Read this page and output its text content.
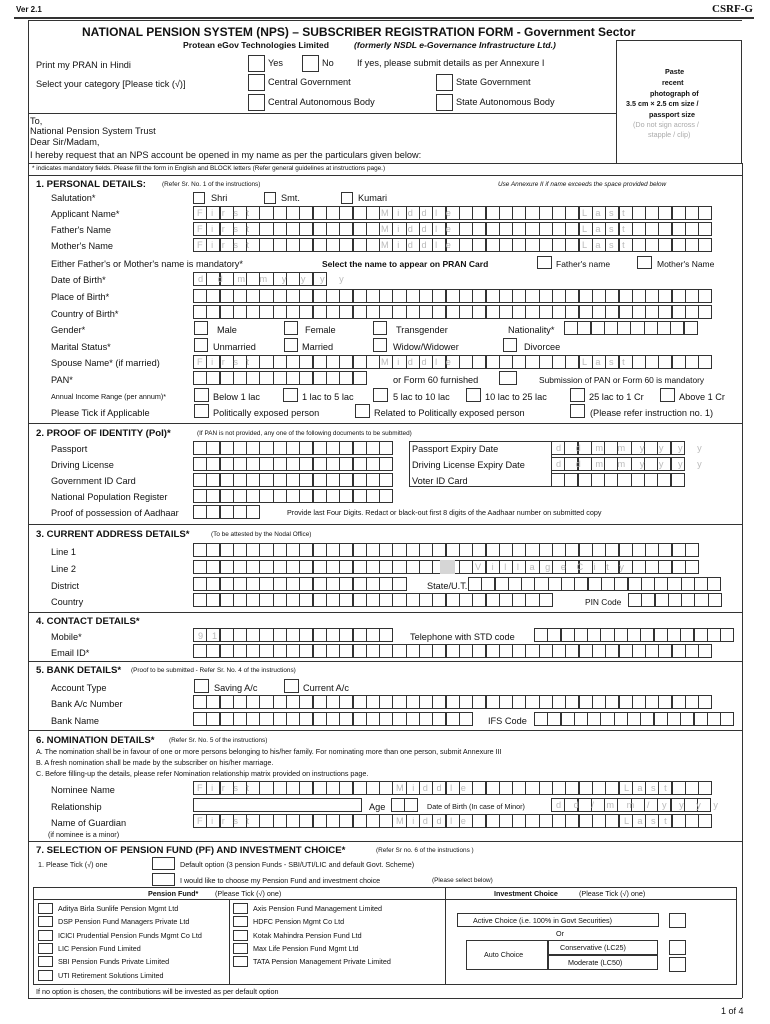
Ver 2.1	CSRF-G
NATIONAL PENSION SYSTEM (NPS) – SUBSCRIBER REGISTRATION FORM - Government Sector
Protean eGov Technologies Limited	(formerly NSDL e-Governance Infrastructure Ltd.)
Paste
recent
photograph of
3.5 cm × 2.5 cm size /
passport size
(Do not sign across /
stapple / clip)
Print my PRAN in Hindi	Yes	No	If yes, please submit details as per Annexure I
Select your category [Please tick (√)]	Central Government	State Government
Central Autonomous Body	State Autonomous Body
To,
National Pension System Trust
Dear Sir/Madam,
I hereby request that an NPS account be opened in my name as per the particulars given below:
* indicates mandatory fields. Please fill the form in English and BLOCK letters (Refer general guidelines at instructions page.)
1. PERSONAL DETAILS:	(Refer Sr. No. 1 of the instructions)	Use Annexure II if name exceeds the space provided below
Salutation*	Shri	Smt.	Kumari
Applicant Name*	F i r s t	M i d d l e	L a s t
Father's Name	F i r s t	M i d d l e	L a s t
Mother's Name	F i r s t	M i d d l e	L a s t
Either Father's or Mother's name is mandatory*	Select the name to appear on PRAN Card	Father's name	Mother's Name
Date of Birth*	d d m m y y y y
Place of Birth*
Country of Birth*
Gender*	Male	Female	Transgender	Nationality*
Marital Status*	Unmarried	Married	Widow/Widower	Divorcee
Spouse Name* (if married)	F i r s t	M i d d l e	L a s t
PAN*	or Form 60 furnished	Submission of PAN or Form 60 is mandatory
Annual Income Range (per annum)*	Below 1 lac	1 lac to 5 lac	5 lac to 10 lac	10 lac to 25 lac	25 lac to 1 Cr	Above 1 Cr
Please Tick if Applicable	Politically exposed person	Related to Politically exposed person	(Please refer instruction no. 1)
2. PROOF OF IDENTITY (PoI)*	(If PAN is not provided, any one of the following documents to be submitted)
Passport	Passport Expiry Date	d d m m y y y y
Driving License	Driving License Expiry Date	d d m m y y y y
Government ID Card	Voter ID Card
National Population Register
Proof of possession of Aadhaar	Provide last Four Digits. Redact or black-out first 8 digits of the Aadhaar number on submitted copy
3. CURRENT ADDRESS DETAILS*	(To be attested by the Nodal Office)
Line 1
Line 2	V i l l a g e C i t y
District	State/U.T.
Country	PIN Code
4. CONTACT DETAILS*
Mobile*	9 1	Telephone with STD code
Email ID*
5. BANK DETAILS* (Proof to be submitted - Refer Sr. No. 4 of the instructions)
Account Type	Saving A/c	Current A/c
Bank A/c Number
Bank Name	IFS Code
6. NOMINATION DETAILS* (Refer Sr. No. 5 of the instructions)
A. The nomination shall be in favour of one or more persons belonging to his/her family. For nominating more than one person, submit Annexure III
B. A fresh nomination shall be made by the subscriber on his/her marriage.
C. Before filling-up the details, please refer Nomination relationship matrix provided on instructions page.
Nominee Name	F i r s t	M i d d l e	L a s t
Relationship	Age	Date of Birth (In case of Minor)	d d / m m / y y y y
Name of Guardian	F i r s t	M i d d l e	L a s t
(if nominee is a minor)
7. SELECTION OF PENSION FUND (PF) AND INVESTMENT CHOICE*	(Refer Sr no. 6 of the instructions )
1. Please Tick (√) one	Default option (3 pension Funds - SBI/UTI/LIC and default Govt. Scheme)
I would like to choose my Pension Fund and investment choice	(Please select below)
Pension Fund* (Please Tick (√) one)	Investment Choice	(Please Tick (√) one)
Aditya Birla Sunlife Pension Mgmt Ltd
DSP Pension Fund Managers Private Ltd
ICICI Prudential Pension Funds Mgmt Co Ltd
LIC Pension Fund Limited
SBI Pension Funds Private Limited
UTI Retirement Solutions Limited
Axis Pension Fund Management Limited
HDFC Pension Mgmt Co Ltd
Kotak Mahindra Pension Fund Ltd
Max Life Pension Fund Mgmt Ltd
TATA Pension Management Private Limited
Active Choice (i.e. 100% in Govt Securities)
Or
Auto Choice
Conservative (LC25)
Moderate (LC50)
If no option is chosen, the contributions will be invested as per default option
1 of 4
